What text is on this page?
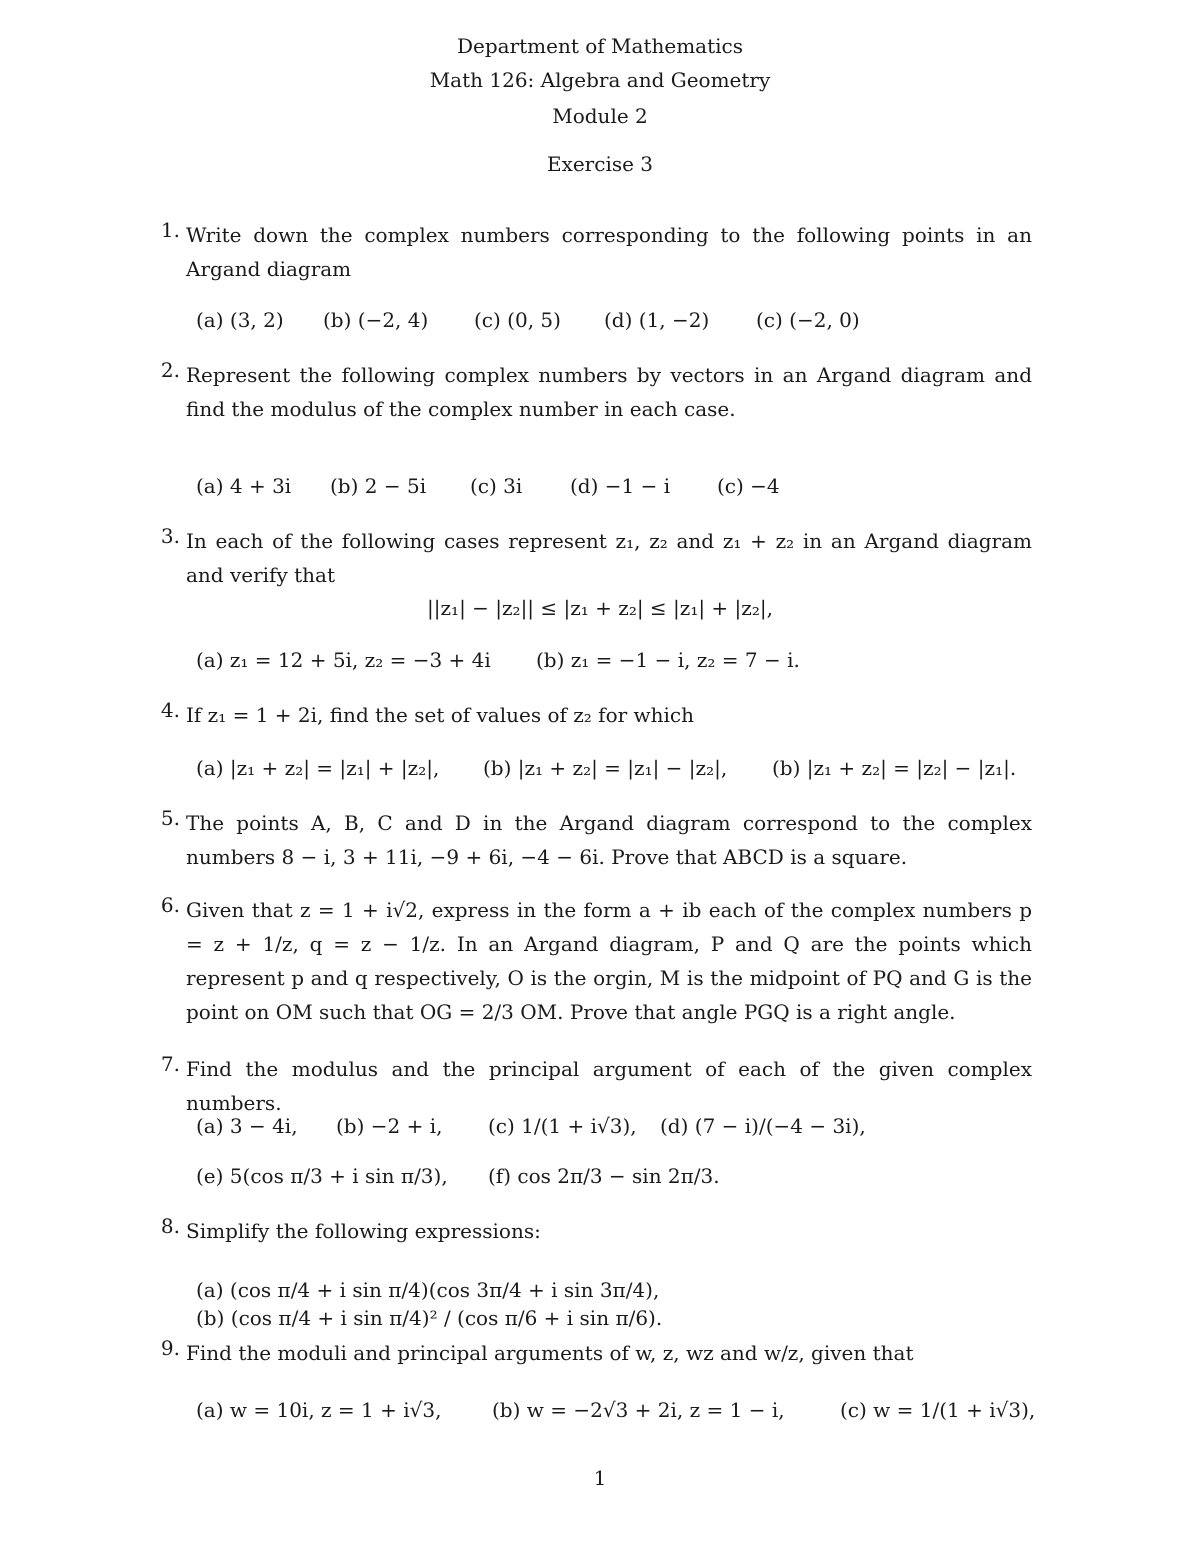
Department of Mathematics
Math 126: Algebra and Geometry
Module 2
Exercise 3
1. Write down the complex numbers corresponding to the following points in an Argand diagram
(a) (3, 2) (b) (−2, 4) (c) (0, 5) (d) (1, −2) (c) (−2, 0)
2. Represent the following complex numbers by vectors in an Argand diagram and find the modulus of the complex number in each case.
(a) 4 + 3i (b) 2 − 5i (c) 3i (d) −1 − i (c) −4
3. In each of the following cases represent z₁, z₂ and z₁ + z₂ in an Argand diagram and verify that
||z₁| − |z₂|| ≤ |z₁ + z₂| ≤ |z₁| + |z₂|,
(a) z₁ = 12 + 5i, z₂ = −3 + 4i (b) z₁ = −1 − i, z₂ = 7 − i.
4. If z₁ = 1 + 2i, find the set of values of z₂ for which
(a) |z₁ + z₂| = |z₁| + |z₂|, (b) |z₁ + z₂| = |z₁| − |z₂|, (b) |z₁ + z₂| = |z₂| − |z₁|.
5. The points A, B, C and D in the Argand diagram correspond to the complex numbers 8 − i, 3 + 11i, −9 + 6i, −4 − 6i. Prove that ABCD is a square.
6. Given that z = 1 + i√2, express in the form a + ib each of the complex numbers p = z + 1/z, q = z − 1/z. In an Argand diagram, P and Q are the points which represent p and q respectively, O is the orgin, M is the midpoint of PQ and G is the point on OM such that OG = 2/3 OM. Prove that angle PGQ is a right angle.
7. Find the modulus and the principal argument of each of the given complex numbers.
(a) 3 − 4i, (b) −2 + i, (c) 1/(1 + i√3), (d) (7 − i)/(−4 − 3i),
(e) 5(cos π/3 + i sin π/3), (f) cos 2π/3 − sin 2π/3.
8. Simplify the following expressions:
(a) (cos π/4 + i sin π/4)(cos 3π/4 + i sin 3π/4),
(b) (cos π/4 + i sin π/4)² / (cos π/6 + i sin π/6).
9. Find the moduli and principal arguments of w, z, wz and w/z, given that
(a) w = 10i, z = 1 + i√3,	(b) w = −2√3 + 2i, z = 1 − i,	(c) w = 1/(1 + i√3),
1
